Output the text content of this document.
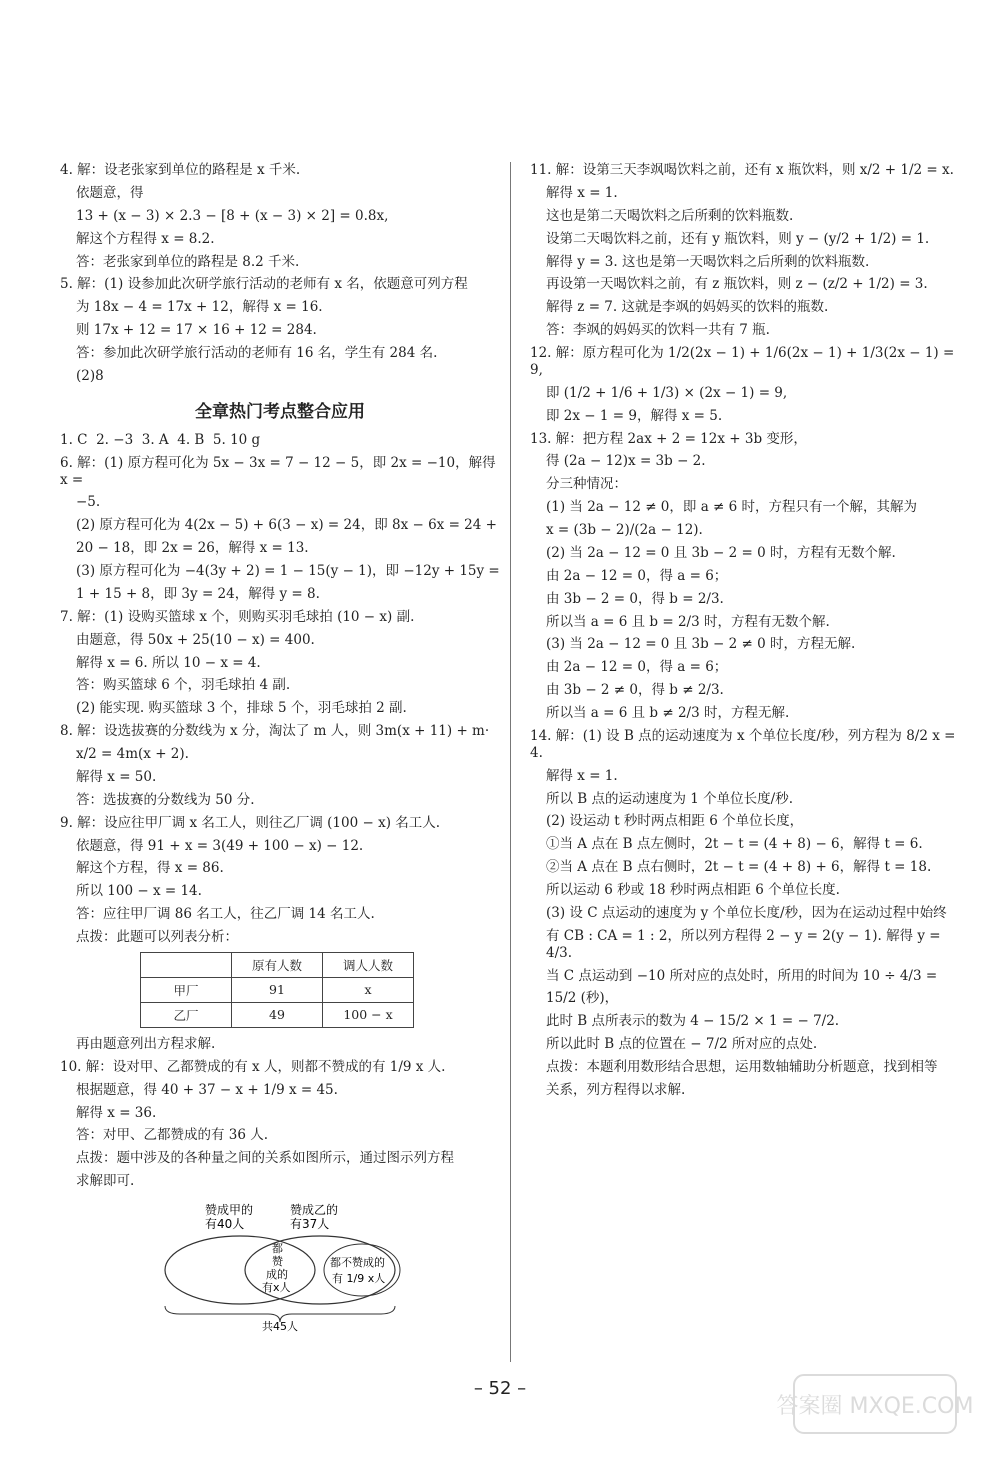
4. 解：设老张家到单位的路程是 x 千米.

依题意，得

13 + (x − 3) × 2.3 − [8 + (x − 3) × 2] = 0.8x,

解这个方程得 x = 8.2.

答：老张家到单位的路程是 8.2 千米.

5. 解：(1) 设参加此次研学旅行活动的老师有 x 名，依题意可列方程

为 18x − 4 = 17x + 12，解得 x = 16.

则 17x + 12 = 17 × 16 + 12 = 284.

答：参加此次研学旅行活动的老师有 16 名，学生有 284 名.

(2)8

全章热门考点整合应用

1. C  2. −3  3. A  4. B  5. 10 g

6. 解：(1) 原方程可化为 5x − 3x = 7 − 12 − 5，即 2x = −10，解得 x =

−5.

(2) 原方程可化为 4(2x − 5) + 6(3 − x) = 24，即 8x − 6x = 24 +

20 − 18，即 2x = 26，解得 x = 13.

(3) 原方程可化为 −4(3y + 2) = 1 − 15(y − 1)，即 −12y + 15y =

1 + 15 + 8，即 3y = 24，解得 y = 8.

7. 解：(1) 设购买篮球 x 个，则购买羽毛球拍 (10 − x) 副.

由题意，得 50x + 25(10 − x) = 400.

解得 x = 6. 所以 10 − x = 4.

答：购买篮球 6 个，羽毛球拍 4 副.

(2) 能实现. 购买篮球 3 个，排球 5 个，羽毛球拍 2 副.

8. 解：设选拔赛的分数线为 x 分，淘汰了 m 人，则 3m(x + 11) + m·

x/2 = 4m(x + 2).

解得 x = 50.

答：选拔赛的分数线为 50 分.

9. 解：设应往甲厂调 x 名工人，则往乙厂调 (100 − x) 名工人.

依题意，得 91 + x = 3(49 + 100 − x) − 12.

解这个方程，得 x = 86.

所以 100 − x = 14.

答：应往甲厂调 86 名工人，往乙厂调 14 名工人.

点拨：此题可以列表分析：

	原有人数	调人人数
甲厂	91	x
乙厂	49	100 − x

再由题意列出方程求解.

10. 解：设对甲、乙都赞成的有 x 人，则都不赞成的有 1/9 x 人.

根据题意，得 40 + 37 − x + 1/9 x = 45.

解得 x = 36.

答：对甲、乙都赞成的有 36 人.

点拨：题中涉及的各种量之间的关系如图所示，通过图示列方程

求解即可.

赞成甲的
有40人
赞成乙的
有37人
都
赞
成的
有x人
都不赞成的
有 1/9 x人
共45人

11. 解：设第三天李飒喝饮料之前，还有 x 瓶饮料，则 x/2 + 1/2 = x.

解得 x = 1.

这也是第二天喝饮料之后所剩的饮料瓶数.

设第二天喝饮料之前，还有 y 瓶饮料，则 y − (y/2 + 1/2) = 1.

解得 y = 3. 这也是第一天喝饮料之后所剩的饮料瓶数.

再设第一天喝饮料之前，有 z 瓶饮料，则 z − (z/2 + 1/2) = 3.

解得 z = 7. 这就是李飒的妈妈买的饮料的瓶数.

答：李飒的妈妈买的饮料一共有 7 瓶.

12. 解：原方程可化为 1/2(2x − 1) + 1/6(2x − 1) + 1/3(2x − 1) = 9,

即 (1/2 + 1/6 + 1/3) × (2x − 1) = 9,

即 2x − 1 = 9，解得 x = 5.

13. 解：把方程 2ax + 2 = 12x + 3b 变形，

得 (2a − 12)x = 3b − 2.

分三种情况：

(1) 当 2a − 12 ≠ 0，即 a ≠ 6 时，方程只有一个解，其解为

x = (3b − 2)/(2a − 12).

(2) 当 2a − 12 = 0 且 3b − 2 = 0 时，方程有无数个解.

由 2a − 12 = 0，得 a = 6；

由 3b − 2 = 0，得 b = 2/3.

所以当 a = 6 且 b = 2/3 时，方程有无数个解.

(3) 当 2a − 12 = 0 且 3b − 2 ≠ 0 时，方程无解.

由 2a − 12 = 0，得 a = 6；

由 3b − 2 ≠ 0，得 b ≠ 2/3.

所以当 a = 6 且 b ≠ 2/3 时，方程无解.

14. 解：(1) 设 B 点的运动速度为 x 个单位长度/秒，列方程为 8/2 x = 4.

解得 x = 1.

所以 B 点的运动速度为 1 个单位长度/秒.

(2) 设运动 t 秒时两点相距 6 个单位长度，

①当 A 点在 B 点左侧时，2t − t = (4 + 8) − 6，解得 t = 6.

②当 A 点在 B 点右侧时，2t − t = (4 + 8) + 6，解得 t = 18.

所以运动 6 秒或 18 秒时两点相距 6 个单位长度.

(3) 设 C 点运动的速度为 y 个单位长度/秒，因为在运动过程中始终

有 CB : CA = 1 : 2，所以列方程得 2 − y = 2(y − 1). 解得 y = 4/3.

当 C 点运动到 −10 所对应的点处时，所用的时间为 10 ÷ 4/3 =

15/2 (秒)，

此时 B 点所表示的数为 4 − 15/2 × 1 = − 7/2.

所以此时 B 点的位置在 − 7/2 所对应的点处.

点拨：本题利用数形结合思想，运用数轴辅助分析题意，找到相等

关系，列方程得以求解.

– 52 –
答案圈 MXQE.COM
